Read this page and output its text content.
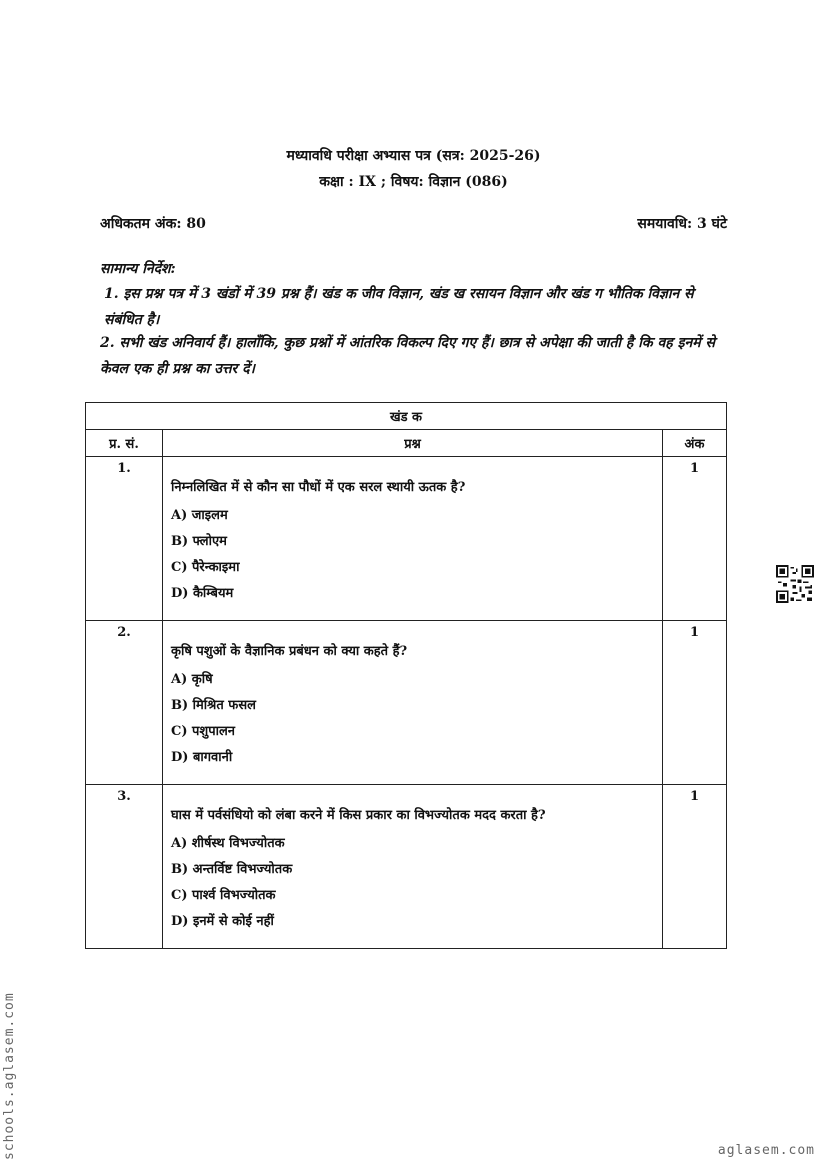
मध्यावधि परीक्षा अभ्यास पत्र (सत्र: 2025-26)
कक्षा : IX ; विषय: विज्ञान (086)
अधिकतम अंक: 80	समयावधि: 3 घंटे
सामान्य निर्देश:
1. इस प्रश्न पत्र में 3 खंडों में 39 प्रश्न हैं। खंड क जीव विज्ञान, खंड ख रसायन विज्ञान और खंड ग भौतिक विज्ञान से संबंधित है।
2. सभी खंड अनिवार्य हैं। हालाँकि, कुछ प्रश्नों में आंतरिक विकल्प दिए गए हैं। छात्र से अपेक्षा की जाती है कि वह इनमें से केवल एक ही प्रश्न का उत्तर दें।
खंड क		
प्र. सं.	प्रश्न	अंक
1.	निम्नलिखित में से कौन सा पौधों में एक सरल स्थायी ऊतक है?
A) जाइलम
B) फ्लोएम
C) पैरेन्काइमा
D) कैम्बियम	1
2.	कृषि पशुओं के वैज्ञानिक प्रबंधन को क्या कहते हैं?
A) कृषि
B) मिश्रित फसल
C) पशुपालन
D) बागवानी	1
3.	घास में पर्वसंधियो को लंबा करने में किस प्रकार का विभज्योतक मदद करता है?
A) शीर्षस्थ विभज्योतक
B) अन्तर्विष्ट विभज्योतक
C) पार्श्व विभज्योतक
D) इनमें से कोई नहीं	1
schools.aglasem.com	aglasem.com
